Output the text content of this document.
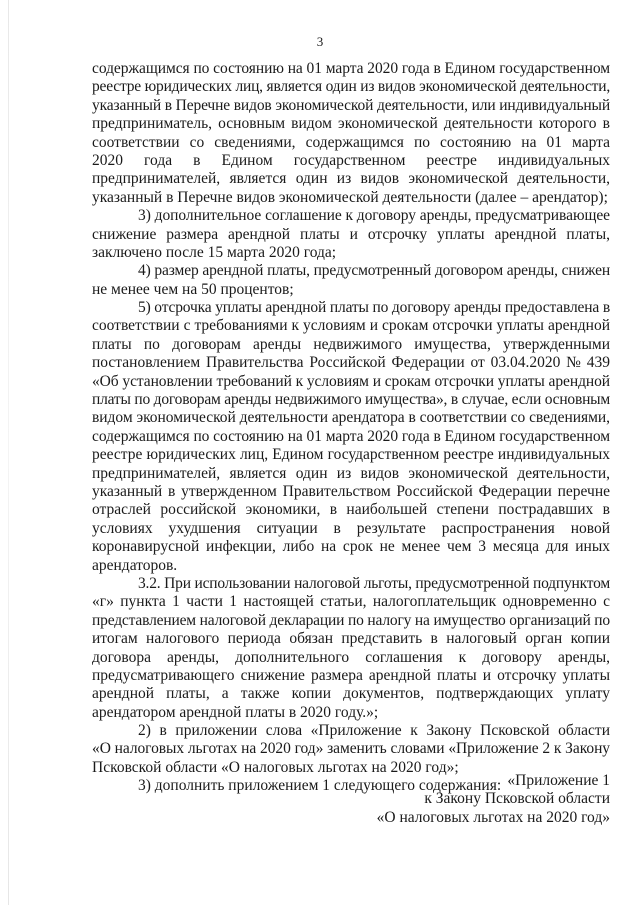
3
содержащимся по состоянию на 01 марта 2020 года в Едином государственном
реестре юридических лиц, является один из видов экономической деятельности,
указанный в Перечне видов экономической деятельности, или индивидуальный
предприниматель, основным видом экономической деятельности которого в
соответствии со сведениями, содержащимся по состоянию на 01 марта
2020 года в Едином государственном реестре индивидуальных
предпринимателей, является один из видов экономической деятельности,
указанный в Перечне видов экономической деятельности (далее – арендатор);
3) дополнительное соглашение к договору аренды, предусматривающее
снижение размера арендной платы и отсрочку уплаты арендной платы,
заключено после 15 марта 2020 года;
4) размер арендной платы, предусмотренный договором аренды, снижен
не менее чем на 50 процентов;
5) отсрочка уплаты арендной платы по договору аренды предоставлена в
соответствии с требованиями к условиям и срокам отсрочки уплаты арендной
платы по договорам аренды недвижимого имущества, утвержденными
постановлением Правительства Российской Федерации от 03.04.2020 № 439
«Об установлении требований к условиям и срокам отсрочки уплаты арендной
платы по договорам аренды недвижимого имущества», в случае, если основным
видом экономической деятельности арендатора в соответствии со сведениями,
содержащимся по состоянию на 01 марта 2020 года в Едином государственном
реестре юридических лиц, Едином государственном реестре индивидуальных
предпринимателей, является один из видов экономической деятельности,
указанный в утвержденном Правительством Российской Федерации перечне
отраслей российской экономики, в наибольшей степени пострадавших в
условиях ухудшения ситуации в результате распространения новой
коронавирусной инфекции, либо на срок не менее чем 3 месяца для иных
арендаторов.
3.2. При использовании налоговой льготы, предусмотренной подпунктом
«г» пункта 1 части 1 настоящей статьи, налогоплательщик одновременно с
представлением налоговой декларации по налогу на имущество организаций по
итогам налогового периода обязан представить в налоговый орган копии
договора аренды, дополнительного соглашения к договору аренды,
предусматривающего снижение размера арендной платы и отсрочку уплаты
арендной платы, а также копии документов, подтверждающих уплату
арендатором арендной платы в 2020 году.»;
2) в приложении слова «Приложение к Закону Псковской области
«О налоговых льготах на 2020 год» заменить словами «Приложение 2 к Закону
Псковской области «О налоговых льготах на 2020 год»;
3) дополнить приложением 1 следующего содержания: «Приложение 1
к Закону Псковской области
«О налоговых льготах на 2020 год»
